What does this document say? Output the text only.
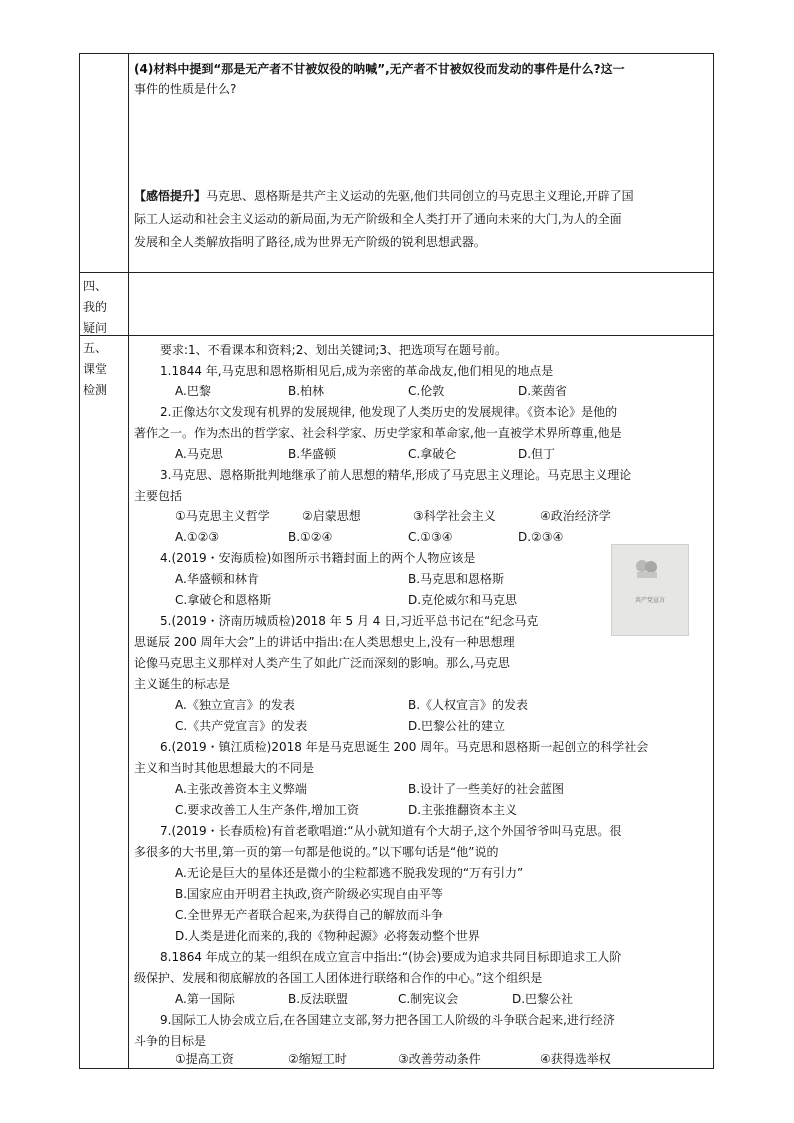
(4)材料中提到“那是无产者不甘被奴役的呐喊”,无产者不甘被奴役而发动的事件是什么?这一
事件的性质是什么?
【感悟提升】马克思、恩格斯是共产主义运动的先驱,他们共同创立的马克思主义理论,开辟了国
际工人运动和社会主义运动的新局面,为无产阶级和全人类打开了通向未来的大门,为人的全面
发展和全人类解放指明了路径,成为世界无产阶级的锐利思想武器。
四、
我的
疑问
五、
课堂
检测
要求:1、不看课本和资料;2、划出关键词;3、把选项写在题号前。
1.1844 年,马克思和恩格斯相见后,成为亲密的革命战友,他们相见的地点是
A.巴黎	B.柏林	C.伦敦	D.莱茵省
2.正像达尔文发现有机界的发展规律, 他发现了人类历史的发展规律。《资本论》是他的
著作之一。作为杰出的哲学家、社会科学家、历史学家和革命家,他一直被学术界所尊重,他是
A.马克思	B.华盛顿	C.拿破仑	D.但丁
3.马克思、恩格斯批判地继承了前人思想的精华,形成了马克思主义理论。马克思主义理论
主要包括
①马克思主义哲学	②启蒙思想	③科学社会主义	④政治经济学
A.①②③	B.①②④	C.①③④	D.②③④
4.(2019・安海质检)如图所示书籍封面上的两个人物应该是
A.华盛顿和林肯	B.马克思和恩格斯
C.拿破仑和恩格斯	D.克伦威尔和马克思	共产党宣言
5.(2019・济南历城质检)2018 年 5 月 4 日,习近平总书记在“纪念马克
思诞辰 200 周年大会”上的讲话中指出:在人类思想史上,没有一种思想理
论像马克思主义那样对人类产生了如此广泛而深刻的影响。那么,马克思
主义诞生的标志是
A.《独立宣言》的发表	B.《人权宣言》的发表
C.《共产党宣言》的发表	D.巴黎公社的建立
6.(2019・镇江质检)2018 年是马克思诞生 200 周年。马克思和恩格斯一起创立的科学社会
主义和当时其他思想最大的不同是
A.主张改善资本主义弊端	B.设计了一些美好的社会蓝图
C.要求改善工人生产条件,增加工资	D.主张推翻资本主义
7.(2019・长春质检)有首老歌唱道:“从小就知道有个大胡子,这个外国爷爷叫马克思。很
多很多的大书里,第一页的第一句都是他说的。”以下哪句话是“他”说的
A.无论是巨大的星体还是微小的尘粒都逃不脱我发现的“万有引力”
B.国家应由开明君主执政,资产阶级必实现自由平等
C.全世界无产者联合起来,为获得自己的解放而斗争
D.人类是进化而来的,我的《物种起源》必将轰动整个世界
8.1864 年成立的某一组织在成立宣言中指出:“(协会)要成为追求共同目标即追求工人阶
级保护、发展和彻底解放的各国工人团体进行联络和合作的中心。”这个组织是
A.第一国际	B.反法联盟	C.制宪议会	D.巴黎公社
9.国际工人协会成立后,在各国建立支部,努力把各国工人阶级的斗争联合起来,进行经济
斗争的目标是
①提高工资	②缩短工时	③改善劳动条件	④获得选举权
